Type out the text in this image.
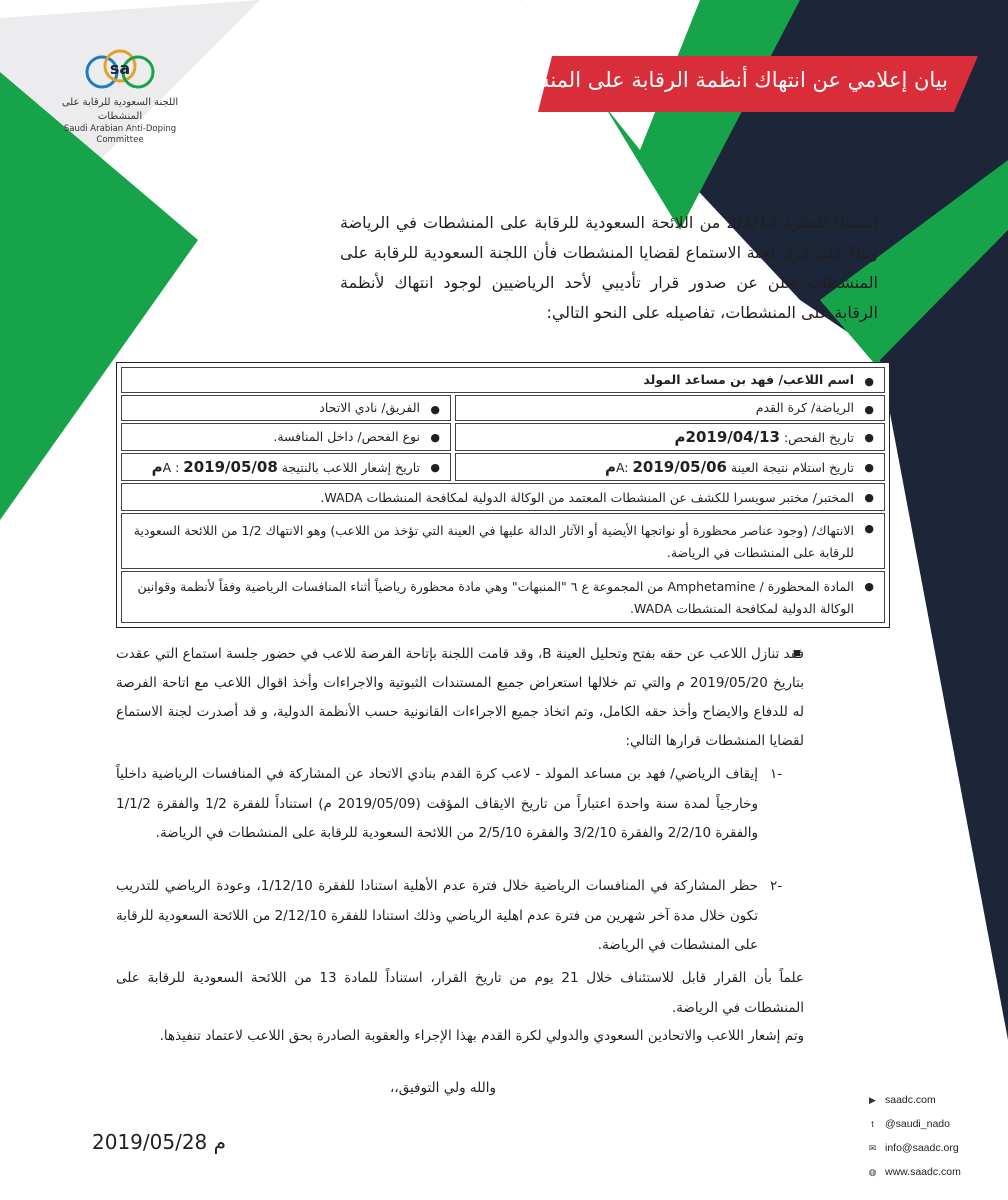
sa
اللجنة السعودية للرقابة على المنشطات
Saudi Arabian Anti-Doping Committee
بيان إعلامي عن انتهاك أنظمة الرقابة على المنشطات
استناداً للفقرة 2/3/14 من اللائحة السعودية للرقابة على المنشطات في الرياضة وبناءً على قرار لجنة الاستماع لقضايا المنشطات فأن اللجنة السعودية للرقابة على المنشطات تعلن عن صدور قرار تأديبي لأحد الرياضيين لوجود انتهاك لأنظمة الرقابة على المنشطات، تفاصيله على النحو التالي:
●
اسم اللاعب/ فهد بن مساعد المولد
●
الرياضة/ كرة القدم
●
الفريق/ نادي الاتحاد
●
تاريخ الفحص: 2019/04/13م
●
نوع الفحص/ داخل المنافسة.
●
تاريخ استلام نتيجة العينة A: 2019/05/06م
●
تاريخ إشعار اللاعب بالنتيجة A : 2019/05/08م
●
المختبر/ مختبر سويسرا للكشف عن المنشطات المعتمد من الوكالة الدولية لمكافحة المنشطات WADA.
●
الانتهاك/ (وجود عناصر محظورة أو نواتجها الأيضية أو الآثار الدالة عليها في العينة التي تؤخذ من اللاعب) وهو الانتهاك 1/2 من اللائحة السعودية للرقابة على المنشطات في الرياضة.
●
المادة المحظورة / Amphetamine من المجموعة ع ٦ "المنبهات" وهي مادة محظورة رياضياً أثناء المنافسات الرياضية وفقاً لأنظمة وقوانين الوكالة الدولية لمكافحة المنشطات WADA.
فقد تنازل اللاعب عن حقه بفتح وتحليل العينة B، وقد قامت اللجنة بإتاحة الفرصة للاعب في حضور جلسة استماع التي عقدت بتاريخ 2019/05/20 م والتي تم خلالها استعراض جميع المستندات الثبوتية والاجراءات وأخذ اقوال اللاعب مع اتاحة الفرصة له للدفاع والايضاح وأخذ حقه الكامل، وتم اتخاذ جميع الاجراءات القانونية حسب الأنظمة الدولية، و قد أصدرت لجنة الاستماع لقضايا المنشطات قرارها التالي:
-١
إيقاف الرياضي/ فهد بن مساعد المولد - لاعب كرة القدم بنادي الاتحاد عن المشاركة في المنافسات الرياضية داخلياً وخارجياً لمدة سنة واحدة اعتباراً من تاريخ الايقاف المؤقت (2019/05/09 م) استناداً للفقرة 1/2 والفقرة 1/1/2 والفقرة 2/2/10 والفقرة 3/2/10 والفقرة 2/5/10 من اللائحة السعودية للرقابة على المنشطات في الرياضة.
-٢
حظر المشاركة في المنافسات الرياضية خلال فترة عدم الأهلية استنادا للفقرة 1/12/10، وعودة الرياضي للتدريب تكون خلال مدة آخر شهرين من فترة عدم اهلية الرياضي وذلك استنادا للفقرة 2/12/10 من اللائحة السعودية للرقابة على المنشطات في الرياضة.
علماً بأن القرار قابل للاستئناف خلال 21 يوم من تاريخ القرار، استناداً للمادة 13 من اللائحة السعودية للرقابة على المنشطات في الرياضة.
وتم إشعار اللاعب والاتحادين السعودي والدولي لكرة القدم بهذا الإجراء والعقوبة الصادرة بحق اللاعب لاعتماد تنفيذها.
والله ولي التوفيق،،
2019/05/28 م
▶ saadc.com
t	@saudi_nado
✉ info@saadc.org
◍ www.saadc.com
